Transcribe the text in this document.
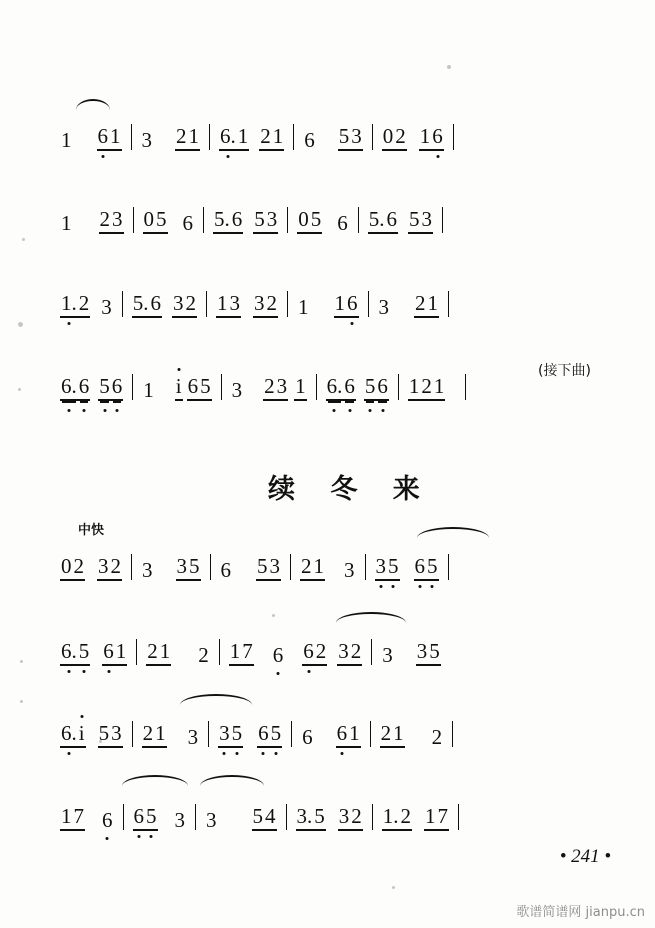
1 6 1 3 2 1 6. 1 2 1 6 5 3 0 2 1 6
1 2 3 0 5 6 5. 6 5 3 0 5 6 5. 6 5 3
1. 2 3 5. 6 3 2 1 3 3 2 1 1 6 3 2 1
6. 6 5 6 1 i 6 5 3 2 3 1 6. 6 5 6 1 2 1
(接下曲)
续 冬 来
中快
0 2 3 2 3 3 5 6 5 3 2 1 3 3 5 6 5
6. 5 6 1 2 1 2 1 7 6 6 2 3 2 3 3 5
6. i 5 3 2 1 3 3 5 6 5 6 6 1 2 1 2
1 7 6 6 5 3 3 5 4 3. 5 3 2 1. 2 1 7
• 241 •
歌谱简谱网 jianpu.cn
